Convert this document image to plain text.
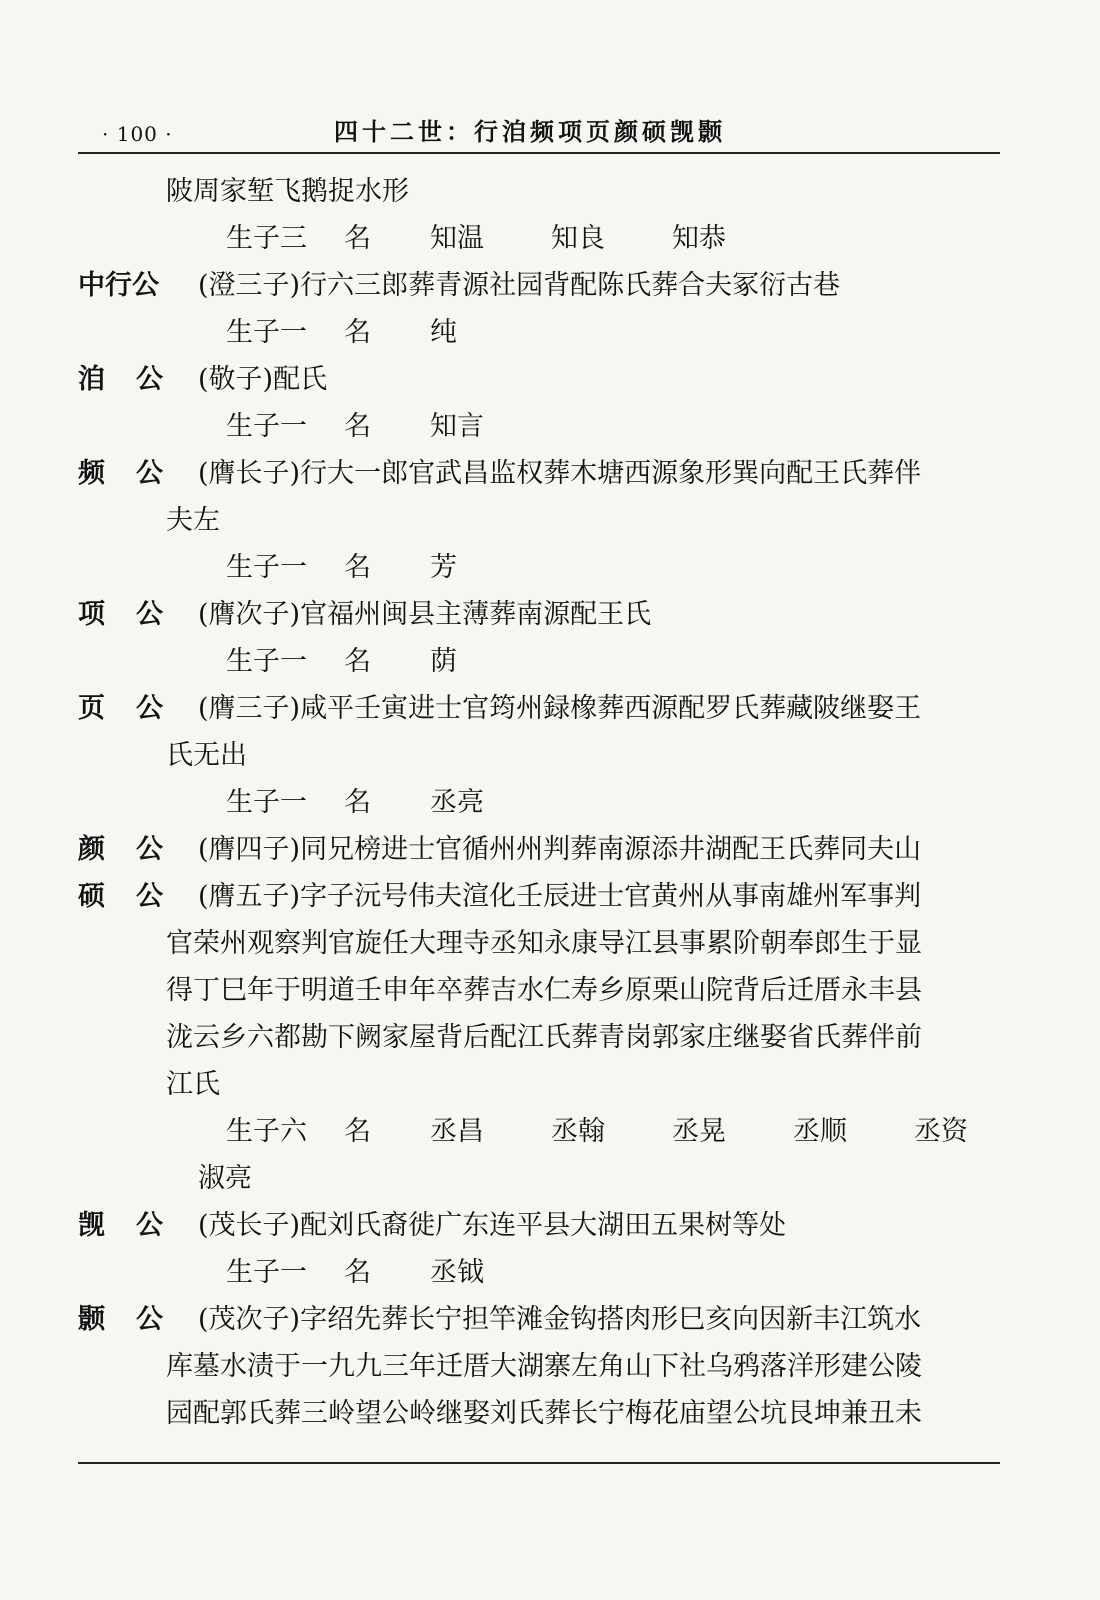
· 100 ·	四十二世：行洎频项页颜硕觊颢
陂周家堑飞鹅捉水形
生子三 名 知温 知良 知恭
中行公 (澄三子)行六三郎葬青源社园背配陈氏葬合夫冢衍古巷
生子一 名 纯
洎 公 (敬子)配氏
生子一 名 知言
频 公 (膺长子)行大一郎官武昌监权葬木塘西源象形巽向配王氏葬伴
夫左
生子一 名 芳
项 公 (膺次子)官福州闽县主薄葬南源配王氏
生子一 名 荫
页 公 (膺三子)咸平壬寅进士官筠州録橡葬西源配罗氏葬藏陂继娶王
氏无出
生子一 名 丞亮
颜 公 (膺四子)同兄榜进士官循州州判葬南源添井湖配王氏葬同夫山
硕 公 (膺五子)字子沅号伟夫渲化壬辰进士官黄州从事南雄州军事判
官荣州观察判官旋任大理寺丞知永康导江县事累阶朝奉郎生于显
得丁巳年于明道壬申年卒葬吉水仁寿乡原栗山院背后迁厝永丰县
泷云乡六都勘下阙家屋背后配江氏葬青岗郭家庄继娶省氏葬伴前
江氏
生子六 名 丞昌 丞翰 丞晃 丞顺 丞资
淑亮
觊 公 (茂长子)配刘氏裔徙广东连平县大湖田五果树等处
生子一 名 丞钺
颢 公 (茂次子)字绍先葬长宁担竿滩金钩搭肉形巳亥向因新丰江筑水
库墓水渍于一九九三年迁厝大湖寨左角山下社乌鸦落洋形建公陵
园配郭氏葬三岭望公岭继娶刘氏葬长宁梅花庙望公坑艮坤兼丑未
